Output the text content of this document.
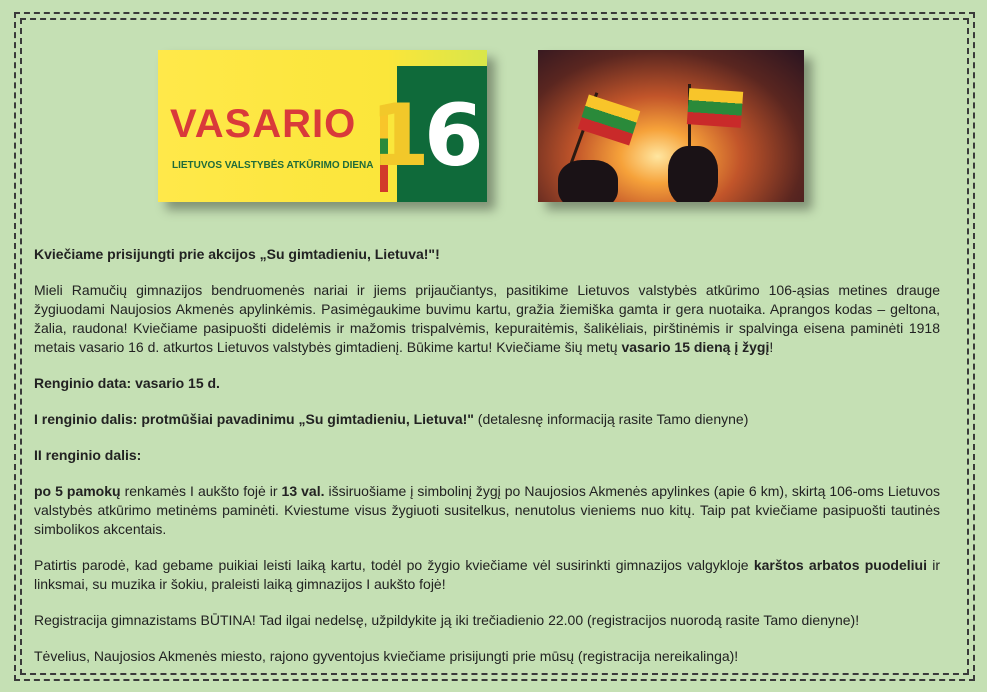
VASARIO 16
LIETUVOS VALSTYBĖS ATKŪRIMO DIENA

Kviečiame prisijungti prie akcijos „Su gimtadieniu, Lietuva!"!

Mieli Ramučių gimnazijos bendruomenės nariai ir jiems prijaučiantys, pasitikime Lietuvos valstybės atkūrimo 106-ąsias metines drauge žygiuodami Naujosios Akmenės apylinkėmis. Pasimėgaukime buvimu kartu, gražia žiemiška gamta ir gera nuotaika. Aprangos kodas – geltona, žalia, raudona! Kviečiame pasipuošti didelėmis ir mažomis trispalvėmis, kepuraitėmis, šalikėliais, pirštinėmis ir spalvinga eisena paminėti 1918 metais vasario 16 d. atkurtos Lietuvos valstybės gimtadienį. Būkime kartu! Kviečiame šių metų vasario 15 dieną į žygį!

Renginio data: vasario 15 d.

I renginio dalis: protmūšiai pavadinimu „Su gimtadieniu, Lietuva!" (detalesnę informaciją rasite Tamo dienyne)

II renginio dalis:

po 5 pamokų renkamės I aukšto fojė ir 13 val. išsiruošiame į simbolinį žygį po Naujosios Akmenės apylinkes (apie 6 km), skirtą 106-oms Lietuvos valstybės atkūrimo metinėms paminėti. Kviestume visus žygiuoti susitelkus, nenutolus vieniems nuo kitų. Taip pat kviečiame pasipuošti tautinės simbolikos akcentais.

Patirtis parodė, kad gebame puikiai leisti laiką kartu, todėl po žygio kviečiame vėl susirinkti gimnazijos valgykloje karštos arbatos puodeliui ir linksmai, su muzika ir šokiu, praleisti laiką gimnazijos I aukšto fojė!

Registracija gimnazistams BŪTINA! Tad ilgai nedelsę, užpildykite ją iki trečiadienio 22.00 (registracijos nuorodą rasite Tamo dienyne)!

Tėvelius, Naujosios Akmenės miesto, rajono gyventojus kviečiame prisijungti prie mūsų (registracija nereikalinga)!
